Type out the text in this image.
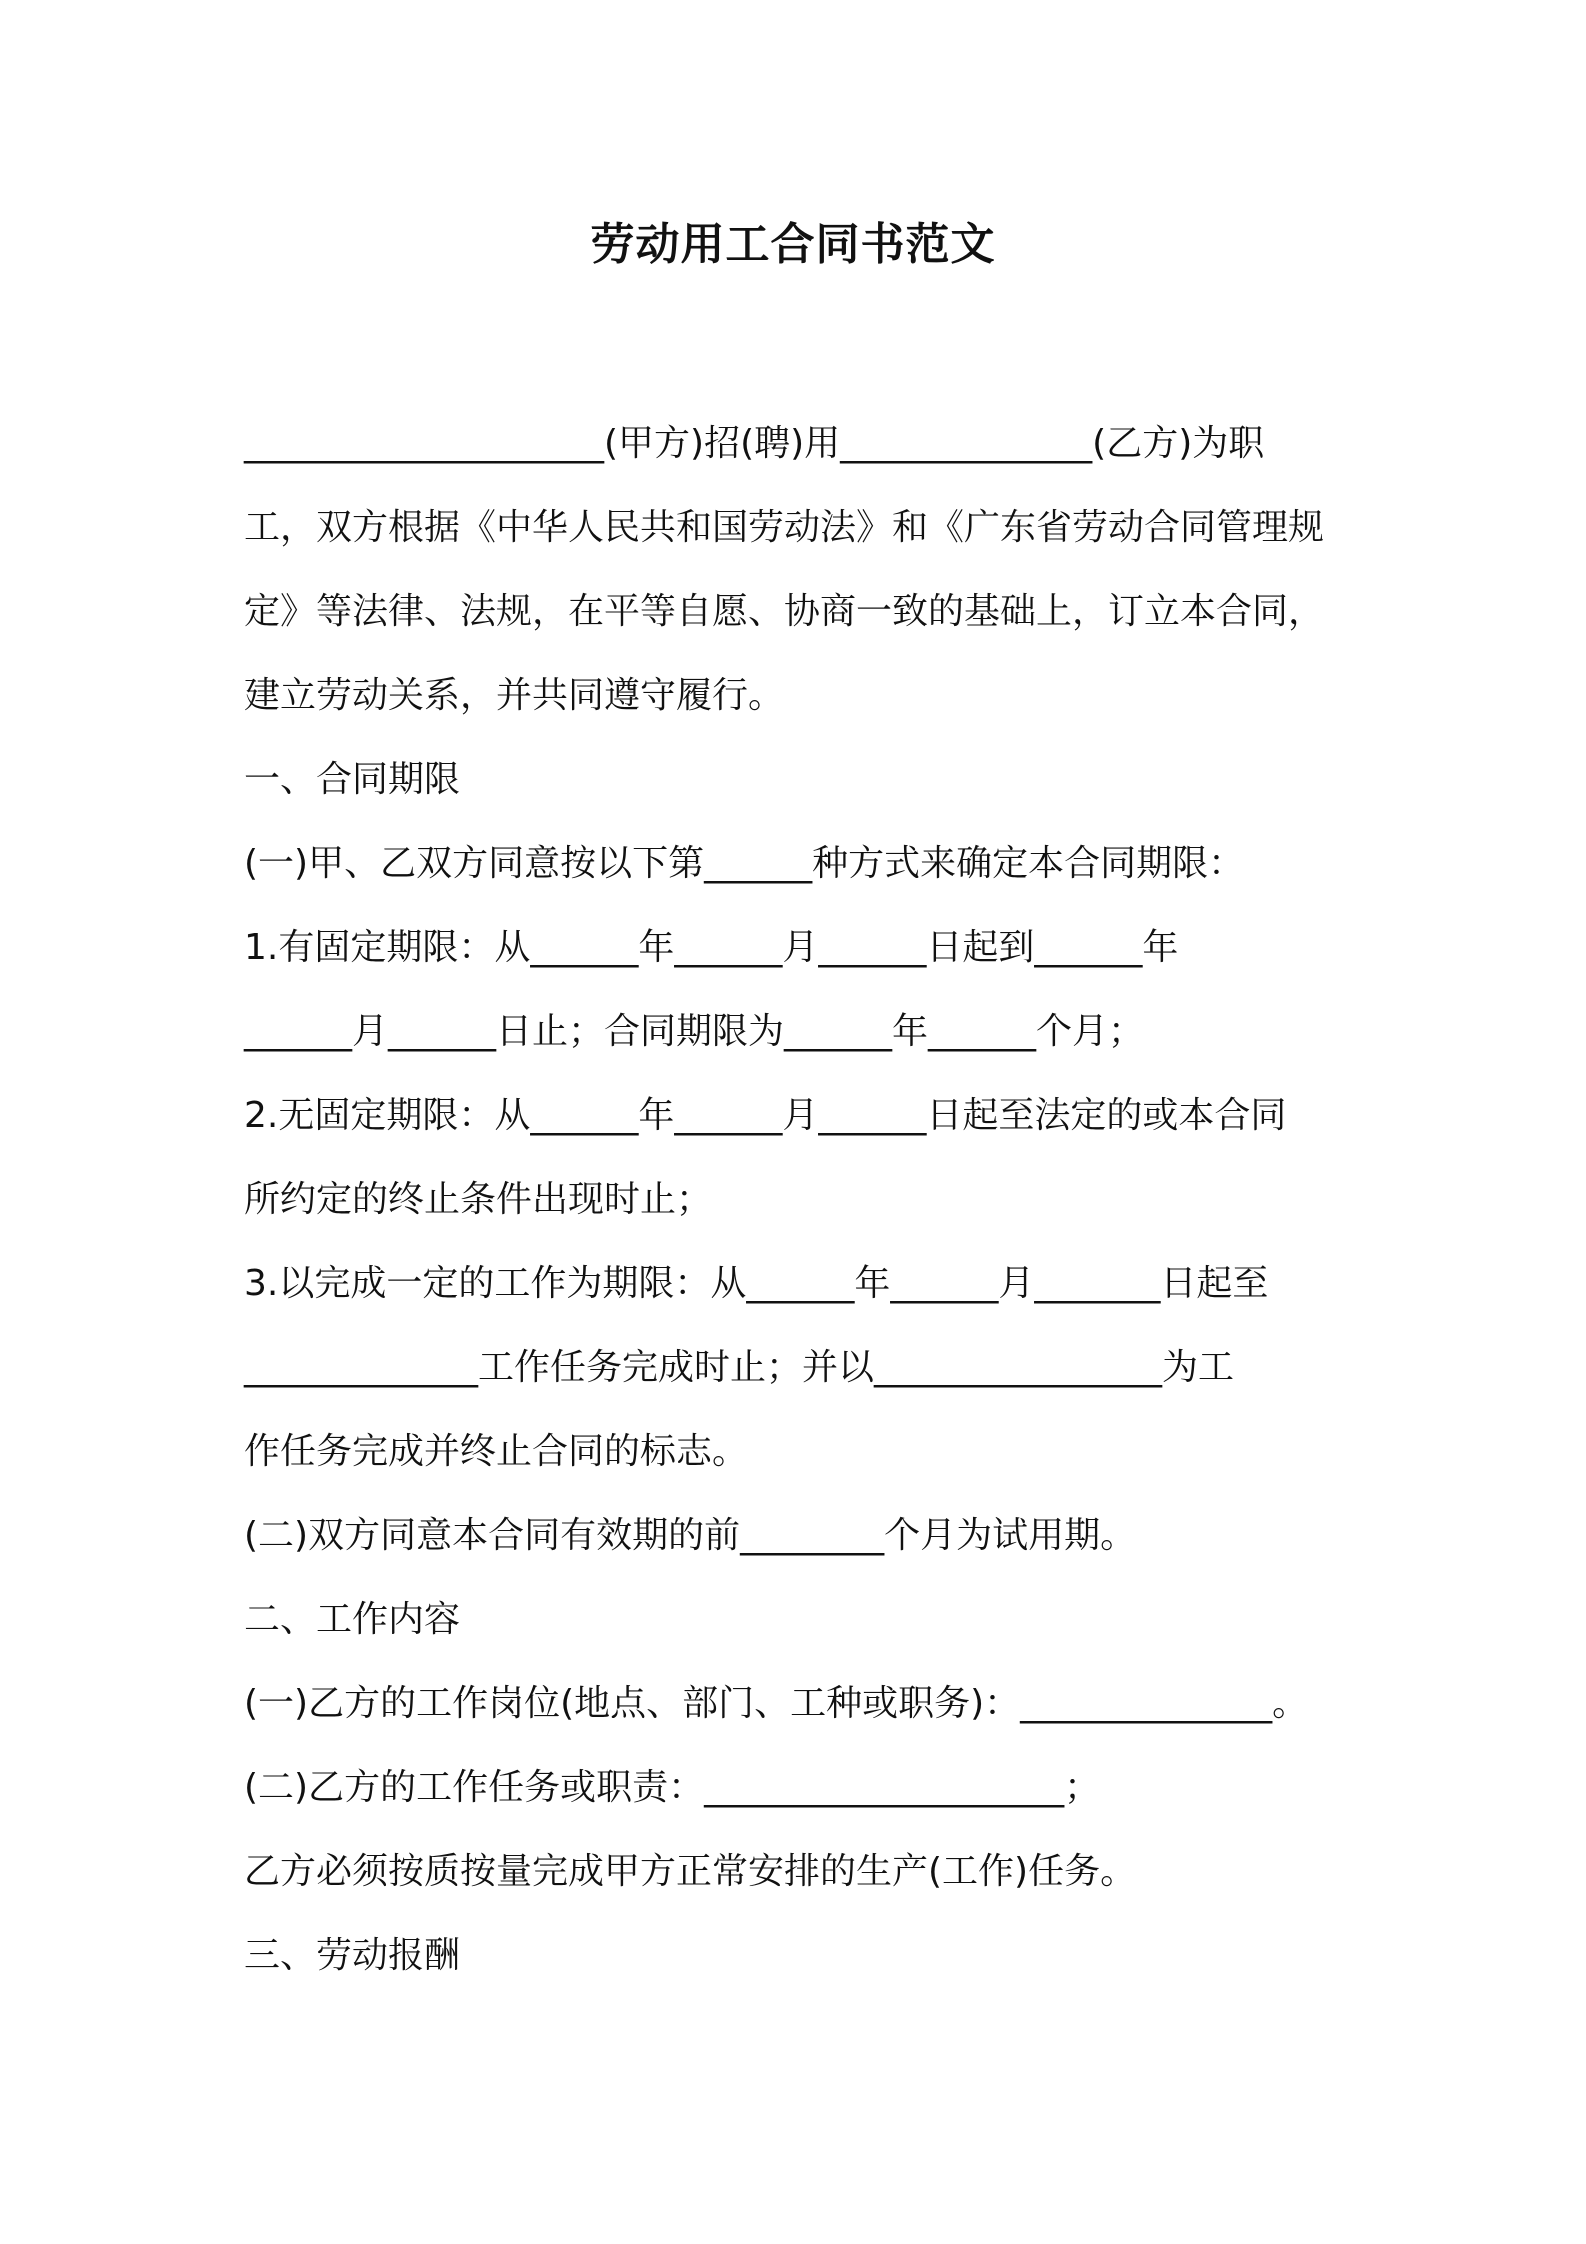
劳动用工合同书范文
____________________(甲方)招(聘)用______________(乙方)为职
工，双方根据《中华人民共和国劳动法》和《广东省劳动合同管理规
定》等法律、法规，在平等自愿、协商一致的基础上，订立本合同，
建立劳动关系，并共同遵守履行。
一、合同期限
(一)甲、乙双方同意按以下第______种方式来确定本合同期限：
1.有固定期限：从______年______月______日起到______年
______月______日止；合同期限为______年______个月；
2.无固定期限：从______年______月______日起至法定的或本合同
所约定的终止条件出现时止；
3.以完成一定的工作为期限：从______年______月_______日起至
_____________工作任务完成时止；并以________________为工
作任务完成并终止合同的标志。
(二)双方同意本合同有效期的前________个月为试用期。
二、工作内容
(一)乙方的工作岗位(地点、部门、工种或职务)：______________。
(二)乙方的工作任务或职责：____________________；
乙方必须按质按量完成甲方正常安排的生产(工作)任务。
三、劳动报酬
